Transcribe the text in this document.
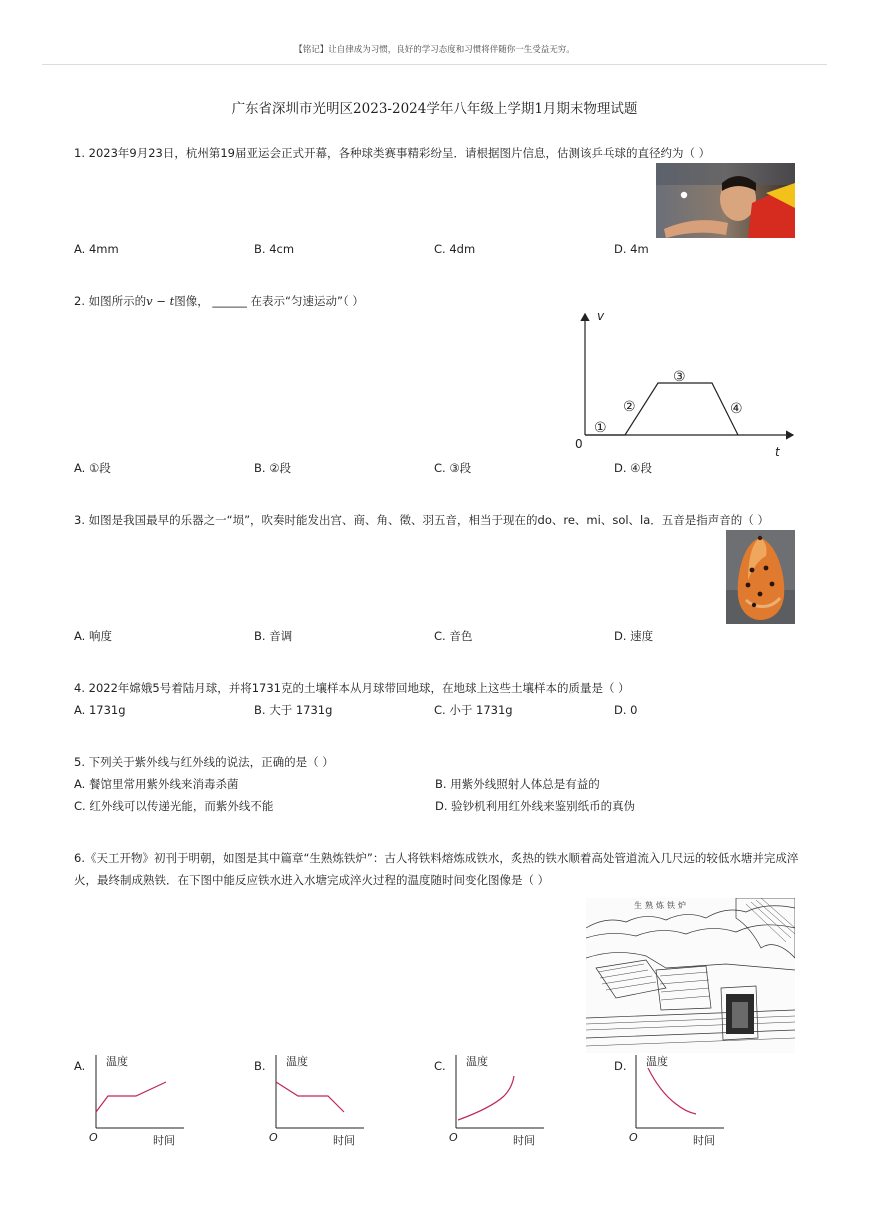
【铭记】让自律成为习惯，良好的学习态度和习惯将伴随你一生受益无穷。
广东省深圳市光明区2023-2024学年八年级上学期1月期末物理试题
1. 2023年9月23日，杭州第19届亚运会正式开幕，各种球类赛事精彩纷呈．请根据图片信息，估测该乒乓球的直径约为（ ）
A. 4mm	B. 4cm	C. 4dm	D. 4m
2. 如图所示的v − t图像， ______ 在表示“匀速运动”（ ）
v
t
0
①
②
③
④
A. ①段	B. ②段	C. ③段	D. ④段
3. 如图是我国最早的乐器之一“埙”，吹奏时能发出宫、商、角、徵、羽五音，相当于现在的do、re、mi、sol、la．五音是指声音的（ ）
A. 响度	B. 音调	C. 音色	D. 速度
4. 2022年嫦娥5号着陆月球，并将1731克的土壤样本从月球带回地球，在地球上这些土壤样本的质量是（ ）
A. 1731g	B. 大于 1731g	C. 小于 1731g	D. 0
5. 下列关于紫外线与红外线的说法，正确的是（ ）
A. 餐馆里常用紫外线来消毒杀菌	B. 用紫外线照射人体总是有益的
C. 红外线可以传递光能，而紫外线不能	D. 验钞机利用红外线来鉴别纸币的真伪
6.《天工开物》初刊于明朝，如图是其中篇章“生熟炼铁炉”：古人将铁料熔炼成铁水，炙热的铁水顺着高处管道流入几尺远的较低水塘并完成淬
火，最终制成熟铁．在下图中能反应铁水进入水塘完成淬火过程的温度随时间变化图像是（ ）
生熟炼铁炉
A.	B.	C.	D.
温度
时间
O
温度
时间
O
温度
时间
O
温度
时间
O
